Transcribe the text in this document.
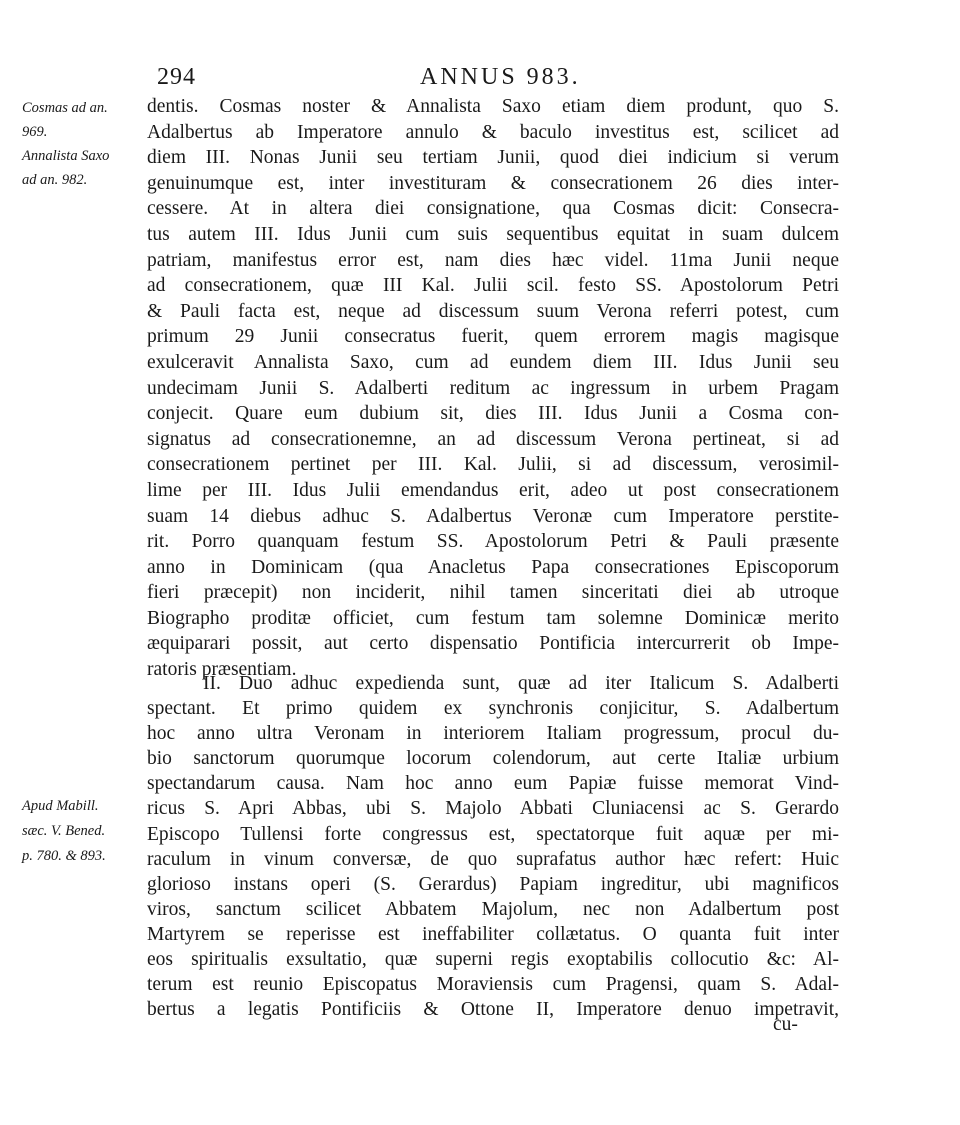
294	ANNUS 983.
Cosmas ad an.
969.
Annalista Saxo
ad an. 982.
Apud Mabill.
sæc. V. Bened.
p. 780. & 893.
dentis. Cosmas noster & Annalista Saxo etiam diem produnt, quo S.
Adalbertus ab Imperatore annulo & baculo investitus est, scilicet ad
diem III. Nonas Junii seu tertiam Junii, quod diei indicium si verum
genuinumque est, inter investituram & consecrationem 26 dies inter-
cessere. At in altera diei consignatione, qua Cosmas dicit: Consecra-
tus autem III. Idus Junii cum suis sequentibus equitat in suam dulcem
patriam, manifestus error est, nam dies hæc videl. 11ma Junii neque
ad consecrationem, quæ III Kal. Julii scil. festo SS. Apostolorum Petri
& Pauli facta est, neque ad discessum suum Verona referri potest, cum
primum 29 Junii consecratus fuerit, quem errorem magis magisque
exulceravit Annalista Saxo, cum ad eundem diem III. Idus Junii seu
undecimam Junii S. Adalberti reditum ac ingressum in urbem Pragam
conjecit. Quare eum dubium sit, dies III. Idus Junii a Cosma con-
signatus ad consecrationemne, an ad discessum Verona pertineat, si ad
consecrationem pertinet per III. Kal. Julii, si ad discessum, verosimil-
lime per III. Idus Julii emendandus erit, adeo ut post consecrationem
suam 14 diebus adhuc S. Adalbertus Veronæ cum Imperatore perstite-
rit. Porro quanquam festum SS. Apostolorum Petri & Pauli præsente
anno in Dominicam (qua Anacletus Papa consecrationes Episcoporum
fieri præcepit) non inciderit, nihil tamen sinceritati diei ab utroque
Biographo proditæ officiet, cum festum tam solemne Dominicæ merito
æquiparari possit, aut certo dispensatio Pontificia intercurrerit ob Impe-
ratoris præsentiam.
II. Duo adhuc expedienda sunt, quæ ad iter Italicum S. Adalberti
spectant. Et primo quidem ex synchronis conjicitur, S. Adalbertum
hoc anno ultra Veronam in interiorem Italiam progressum, procul du-
bio sanctorum quorumque locorum colendorum, aut certe Italiæ urbium
spectandarum causa. Nam hoc anno eum Papiæ fuisse memorat Vind-
ricus S. Apri Abbas, ubi S. Majolo Abbati Cluniacensi ac S. Gerardo
Episcopo Tullensi forte congressus est, spectatorque fuit aquæ per mi-
raculum in vinum conversæ, de quo suprafatus author hæc refert: Huic
glorioso instans operi (S. Gerardus) Papiam ingreditur, ubi magnificos
viros, sanctum scilicet Abbatem Majolum, nec non Adalbertum post
Martyrem se reperisse est ineffabiliter collætatus. O quanta fuit inter
eos spiritualis exsultatio, quæ superni regis exoptabilis collocutio &c: Al-
terum est reunio Episcopatus Moraviensis cum Pragensi, quam S. Adal-
bertus a legatis Pontificiis & Ottone II, Imperatore denuo impetravit,
cu-
